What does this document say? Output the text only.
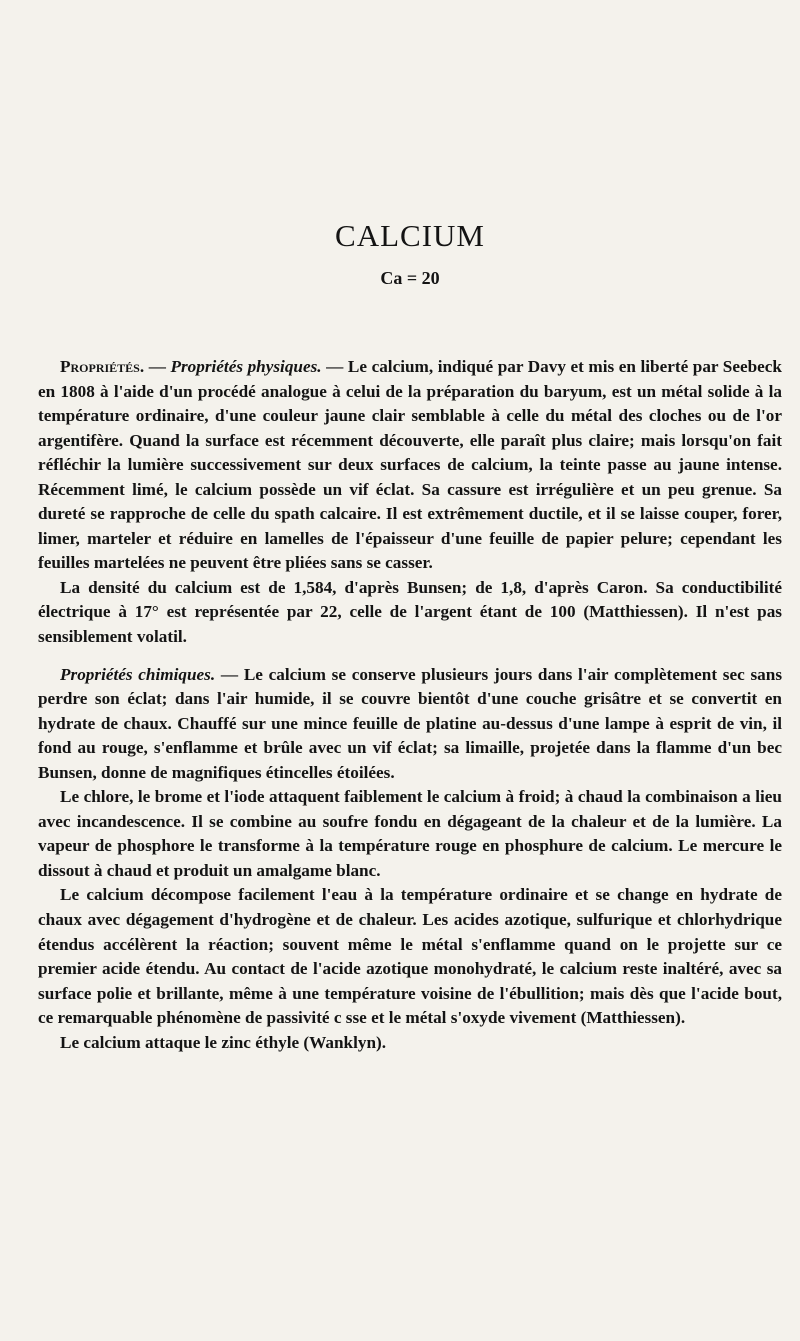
CALCIUM
Ca = 20

Propriétés. — Propriétés physiques. — Le calcium, indiqué par Davy et mis en liberté par Seebeck en 1808 à l'aide d'un procédé analogue à celui de la préparation du baryum, est un métal solide à la température ordinaire, d'une couleur jaune clair semblable à celle du métal des cloches ou de l'or argentifère. Quand la surface est récemment découverte, elle paraît plus claire; mais lorsqu'on fait réfléchir la lumière successivement sur deux surfaces de calcium, la teinte passe au jaune intense. Récemment limé, le calcium possède un vif éclat. Sa cassure est irrégulière et un peu grenue. Sa dureté se rapproche de celle du spath calcaire. Il est extrêmement ductile, et il se laisse couper, forer, limer, marteler et réduire en lamelles de l'épaisseur d'une feuille de papier pelure; cependant les feuilles martelées ne peuvent être pliées sans se casser.

La densité du calcium est de 1,584, d'après Bunsen; de 1,8, d'après Caron. Sa conductibilité électrique à 17° est représentée par 22, celle de l'argent étant de 100 (Matthiessen). Il n'est pas sensiblement volatil.

Propriétés chimiques. — Le calcium se conserve plusieurs jours dans l'air complètement sec sans perdre son éclat; dans l'air humide, il se couvre bientôt d'une couche grisâtre et se convertit en hydrate de chaux. Chauffé sur une mince feuille de platine au-dessus d'une lampe à esprit de vin, il fond au rouge, s'enflamme et brûle avec un vif éclat; sa limaille, projetée dans la flamme d'un bec Bunsen, donne de magnifiques étincelles étoilées.

Le chlore, le brome et l'iode attaquent faiblement le calcium à froid; à chaud la combinaison a lieu avec incandescence. Il se combine au soufre fondu en dégageant de la chaleur et de la lumière. La vapeur de phosphore le transforme à la température rouge en phosphure de calcium. Le mercure le dissout à chaud et produit un amalgame blanc.

Le calcium décompose facilement l'eau à la température ordinaire et se change en hydrate de chaux avec dégagement d'hydrogène et de chaleur. Les acides azotique, sulfurique et chlorhydrique étendus accélèrent la réaction; souvent même le métal s'enflamme quand on le projette sur ce premier acide étendu. Au contact de l'acide azotique monohydraté, le calcium reste inaltéré, avec sa surface polie et brillante, même à une température voisine de l'ébullition; mais dès que l'acide bout, ce remarquable phénomène de passivité c sse et le métal s'oxyde vivement (Matthiessen).

Le calcium attaque le zinc éthyle (Wanklyn).
